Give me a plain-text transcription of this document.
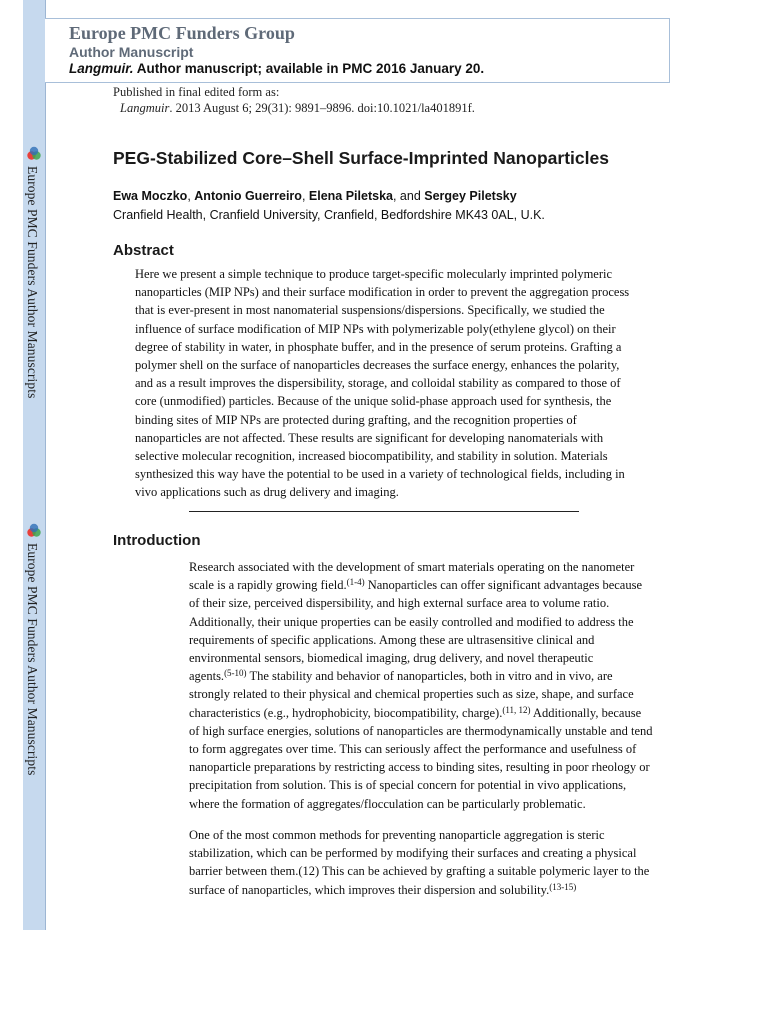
Europe PMC Funders Author Manuscripts
Europe PMC Funders Author Manuscripts
Europe PMC Funders Group
Author Manuscript
Langmuir. Author manuscript; available in PMC 2016 January 20.
Published in final edited form as:
Langmuir. 2013 August 6; 29(31): 9891–9896. doi:10.1021/la401891f.
PEG-Stabilized Core–Shell Surface-Imprinted Nanoparticles
Ewa Moczko, Antonio Guerreiro, Elena Piletska, and Sergey Piletsky
Cranfield Health, Cranfield University, Cranfield, Bedfordshire MK43 0AL, U.K.
Abstract
Here we present a simple technique to produce target-specific molecularly imprinted polymeric
nanoparticles (MIP NPs) and their surface modification in order to prevent the aggregation process
that is ever-present in most nanomaterial suspensions/dispersions. Specifically, we studied the
influence of surface modification of MIP NPs with polymerizable poly(ethylene glycol) on their
degree of stability in water, in phosphate buffer, and in the presence of serum proteins. Grafting a
polymer shell on the surface of nanoparticles decreases the surface energy, enhances the polarity,
and as a result improves the dispersibility, storage, and colloidal stability as compared to those of
core (unmodified) particles. Because of the unique solid-phase approach used for synthesis, the
binding sites of MIP NPs are protected during grafting, and the recognition properties of
nanoparticles are not affected. These results are significant for developing nanomaterials with
selective molecular recognition, increased biocompatibility, and stability in solution. Materials
synthesized this way have the potential to be used in a variety of technological fields, including in
vivo applications such as drug delivery and imaging.
Introduction
Research associated with the development of smart materials operating on the nanometer
scale is a rapidly growing field.$^{(1-4)}$ Nanoparticles can offer significant advantages because
of their size, perceived dispersibility, and high external surface area to volume ratio.
Additionally, their unique properties can be easily controlled and modified to address the
requirements of specific applications. Among these are ultrasensitive clinical and
environmental sensors, biomedical imaging, drug delivery, and novel therapeutic
agents.$^{(5-10)}$ The stability and behavior of nanoparticles, both in vitro and in vivo, are
strongly related to their physical and chemical properties such as size, shape, and surface
characteristics (e.g., hydrophobicity, biocompatibility, charge).$^{(11, 12)}$ Additionally, because
of high surface energies, solutions of nanoparticles are thermodynamically unstable and tend
to form aggregates over time. This can seriously affect the performance and usefulness of
nanoparticle preparations by restricting access to binding sites, resulting in poor rheology or
precipitation from solution. This is of special concern for potential in vivo applications,
where the formation of aggregates/flocculation can be particularly problematic.
One of the most common methods for preventing nanoparticle aggregation is steric
stabilization, which can be performed by modifying their surfaces and creating a physical
barrier between them.(12) This can be achieved by grafting a suitable polymeric layer to the
surface of nanoparticles, which improves their dispersion and solubility.$^{(13-15)}$
